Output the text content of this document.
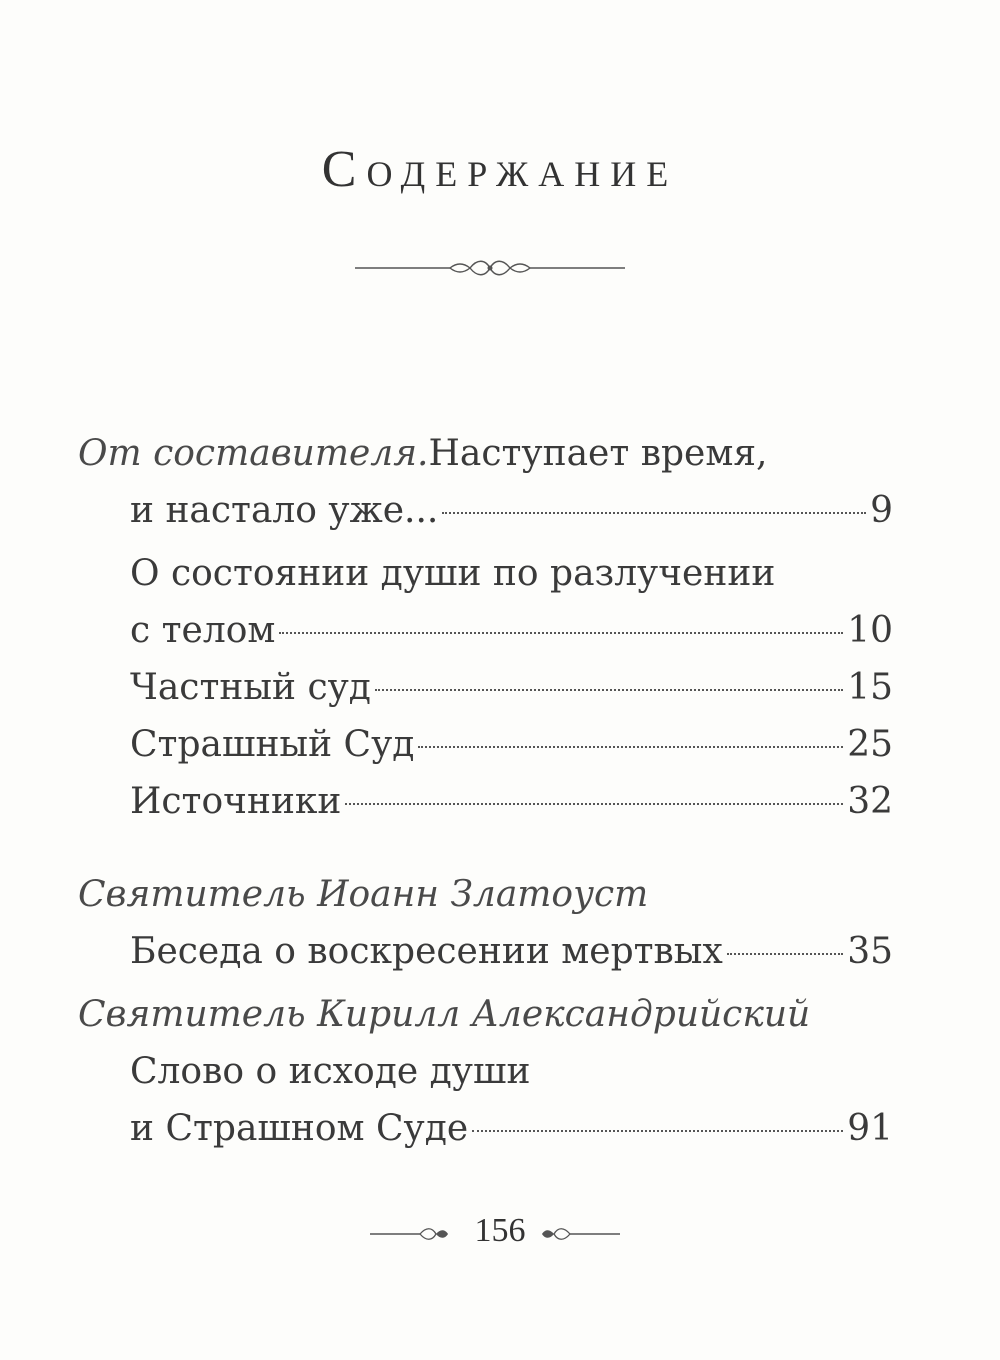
Содержание
От составителя. Наступает время,
и настало уже...	9
О состоянии души по разлучении
с телом	10
Частный суд	15
Страшный Суд	25
Источники	32
Святитель Иоанн Златоуст
Беседа о воскресении мертвых	35
Святитель Кирилл Александрийский
Слово о исходе души
и Страшном Суде	91
156
